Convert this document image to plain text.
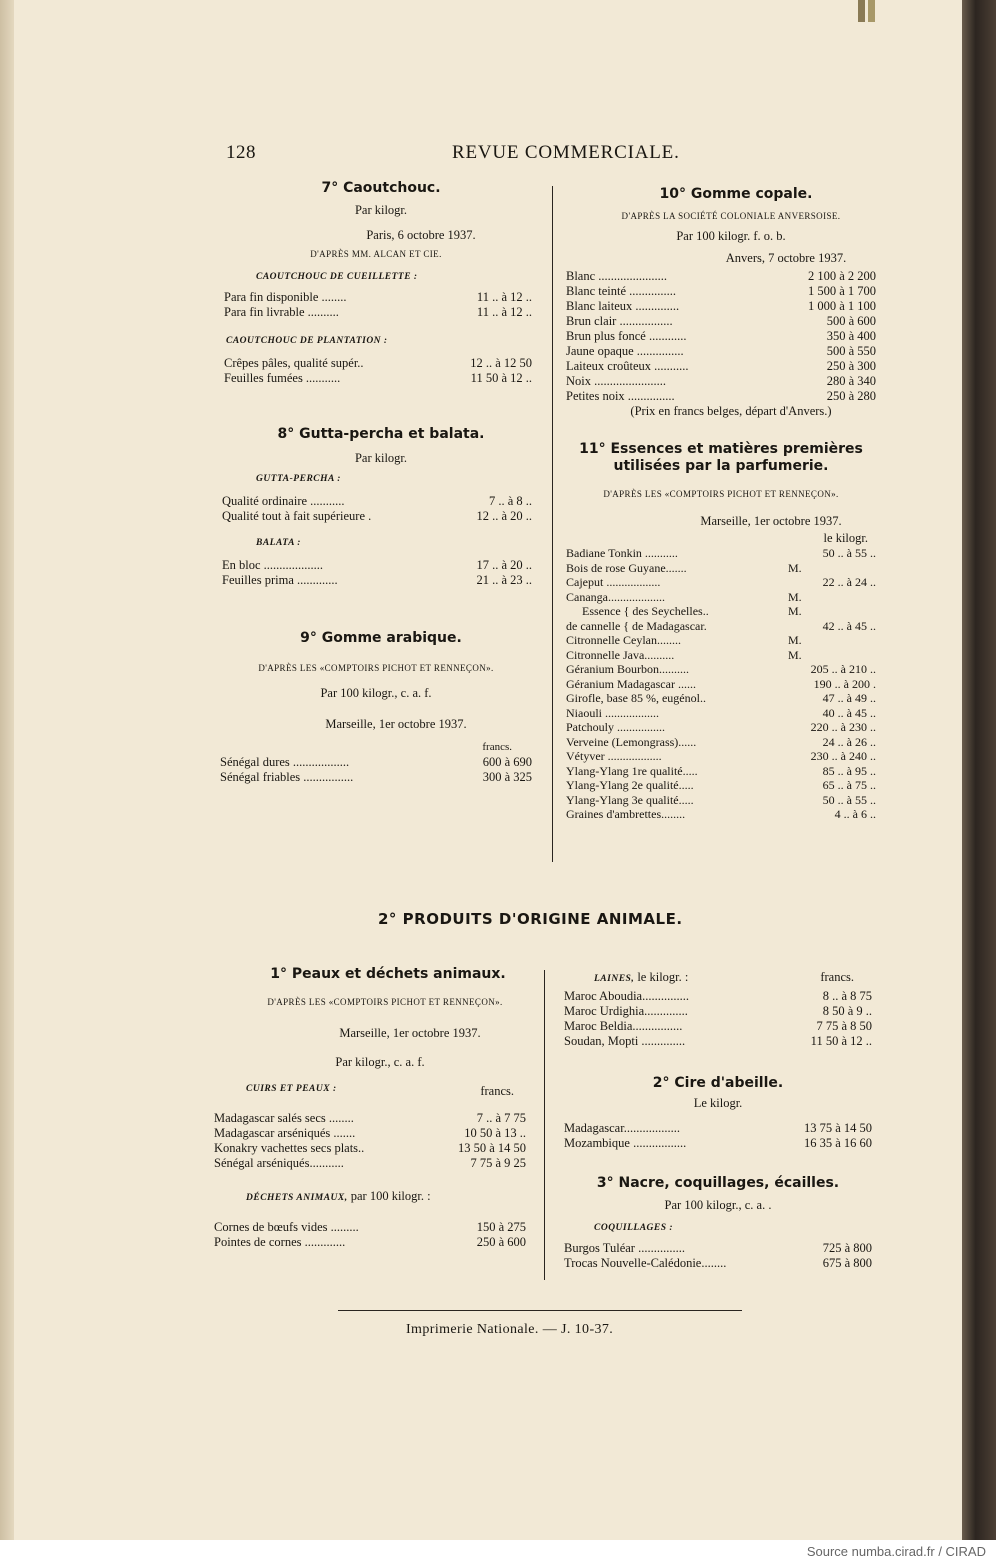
128	REVUE COMMERCIALE.
7° Caoutchouc.
Par kilogr.
Paris, 6 octobre 1937.
D'APRÈS MM. ALCAN ET CIE.
CAOUTCHOUC DE CUEILLETTE :
Para fin disponible ........	11 .. à 12 ..
Para fin livrable ..........	11 .. à 12 ..
CAOUTCHOUC DE PLANTATION :
Crêpes pâles, qualité supér..	12 .. à 12 50
Feuilles fumées ...........	11 50 à 12 ..
8° Gutta-percha et balata.
Par kilogr.
GUTTA-PERCHA :
Qualité ordinaire ...........	7 .. à 8 ..
Qualité tout à fait supérieure .	12 .. à 20 ..
BALATA :
En bloc ...................	17 .. à 20 ..
Feuilles prima .............	21 .. à 23 ..
9° Gomme arabique.
D'APRÈS LES «COMPTOIRS PICHOT ET RENNEÇON».
Par 100 kilogr., c. a. f.
Marseille, 1er octobre 1937.
francs.
Sénégal dures ..................	600 à 690
Sénégal friables ................	300 à 325
10° Gomme copale.
D'APRÈS LA SOCIÉTÉ COLONIALE ANVERSOISE.
Par 100 kilogr. f. o. b.
Anvers, 7 octobre 1937.
Blanc ......................	2 100 à 2 200
Blanc teinté ...............	1 500 à 1 700
Blanc laiteux ..............	1 000 à 1 100
Brun clair .................	500 à 600
Brun plus foncé ............	350 à 400
Jaune opaque ...............	500 à 550
Laiteux croûteux ...........	250 à 300
Noix .......................	280 à 340
Petites noix ...............	250 à 280
(Prix en francs belges, départ d'Anvers.)
11° Essences et matières premières
utilisées par la parfumerie.
D'APRÈS LES «COMPTOIRS PICHOT ET RENNEÇON».
Marseille, 1er octobre 1937.
le kilogr.
Badiane Tonkin ...........	50 .. à 55 ..
Bois de rose Guyane.......	M.
Cajeput ..................	22 .. à 24 ..
Cananga...................	M.
Essence { des Seychelles..	M.
de cannelle { de Madagascar.	42 .. à 45 ..
Citronnelle Ceylan........	M.
Citronnelle Java..........	M.
Géranium Bourbon..........	205 .. à 210 ..
Géranium Madagascar ......	190 .. à 200 .
Girofle, base 85 %, eugénol..	47 .. à 49 ..
Niaouli ..................	40 .. à 45 ..
Patchouly ................	220 .. à 230 ..
Verveine (Lemongrass)......	24 .. à 26 ..
Vétyver ..................	230 .. à 240 ..
Ylang-Ylang 1re qualité.....	85 .. à 95 ..
Ylang-Ylang 2e qualité.....	65 .. à 75 ..
Ylang-Ylang 3e qualité.....	50 .. à 55 ..
Graines d'ambrettes........	4 .. à 6 ..
2° PRODUITS D'ORIGINE ANIMALE.
1° Peaux et déchets animaux.
D'APRÈS LES «COMPTOIRS PICHOT ET RENNEÇON».
Marseille, 1er octobre 1937.
Par kilogr., c. a. f.
CUIRS ET PEAUX :	francs.
Madagascar salés secs ........	7 .. à 7 75
Madagascar arséniqués .......	10 50 à 13 ..
Konakry vachettes secs plats..	13 50 à 14 50
Sénégal arséniqués...........	7 75 à 9 25
DÉCHETS ANIMAUX, par 100 kilogr. :
Cornes de bœufs vides .........	150 à 275
Pointes de cornes .............	250 à 600
LAINES, le kilogr. :	francs.
Maroc Aboudia...............	8 .. à 8 75
Maroc Urdighia..............	8 50 à 9 ..
Maroc Beldia................	7 75 à 8 50
Soudan, Mopti ..............	11 50 à 12 ..
2° Cire d'abeille.
Le kilogr.
Madagascar..................	13 75 à 14 50
Mozambique .................	16 35 à 16 60
3° Nacre, coquillages, écailles.
Par 100 kilogr., c. a. .
COQUILLAGES :
Burgos Tuléar ...............	725 à 800
Trocas Nouvelle-Calédonie........	675 à 800
Imprimerie Nationale. — J. 10-37.
Source numba.cirad.fr / CIRAD
